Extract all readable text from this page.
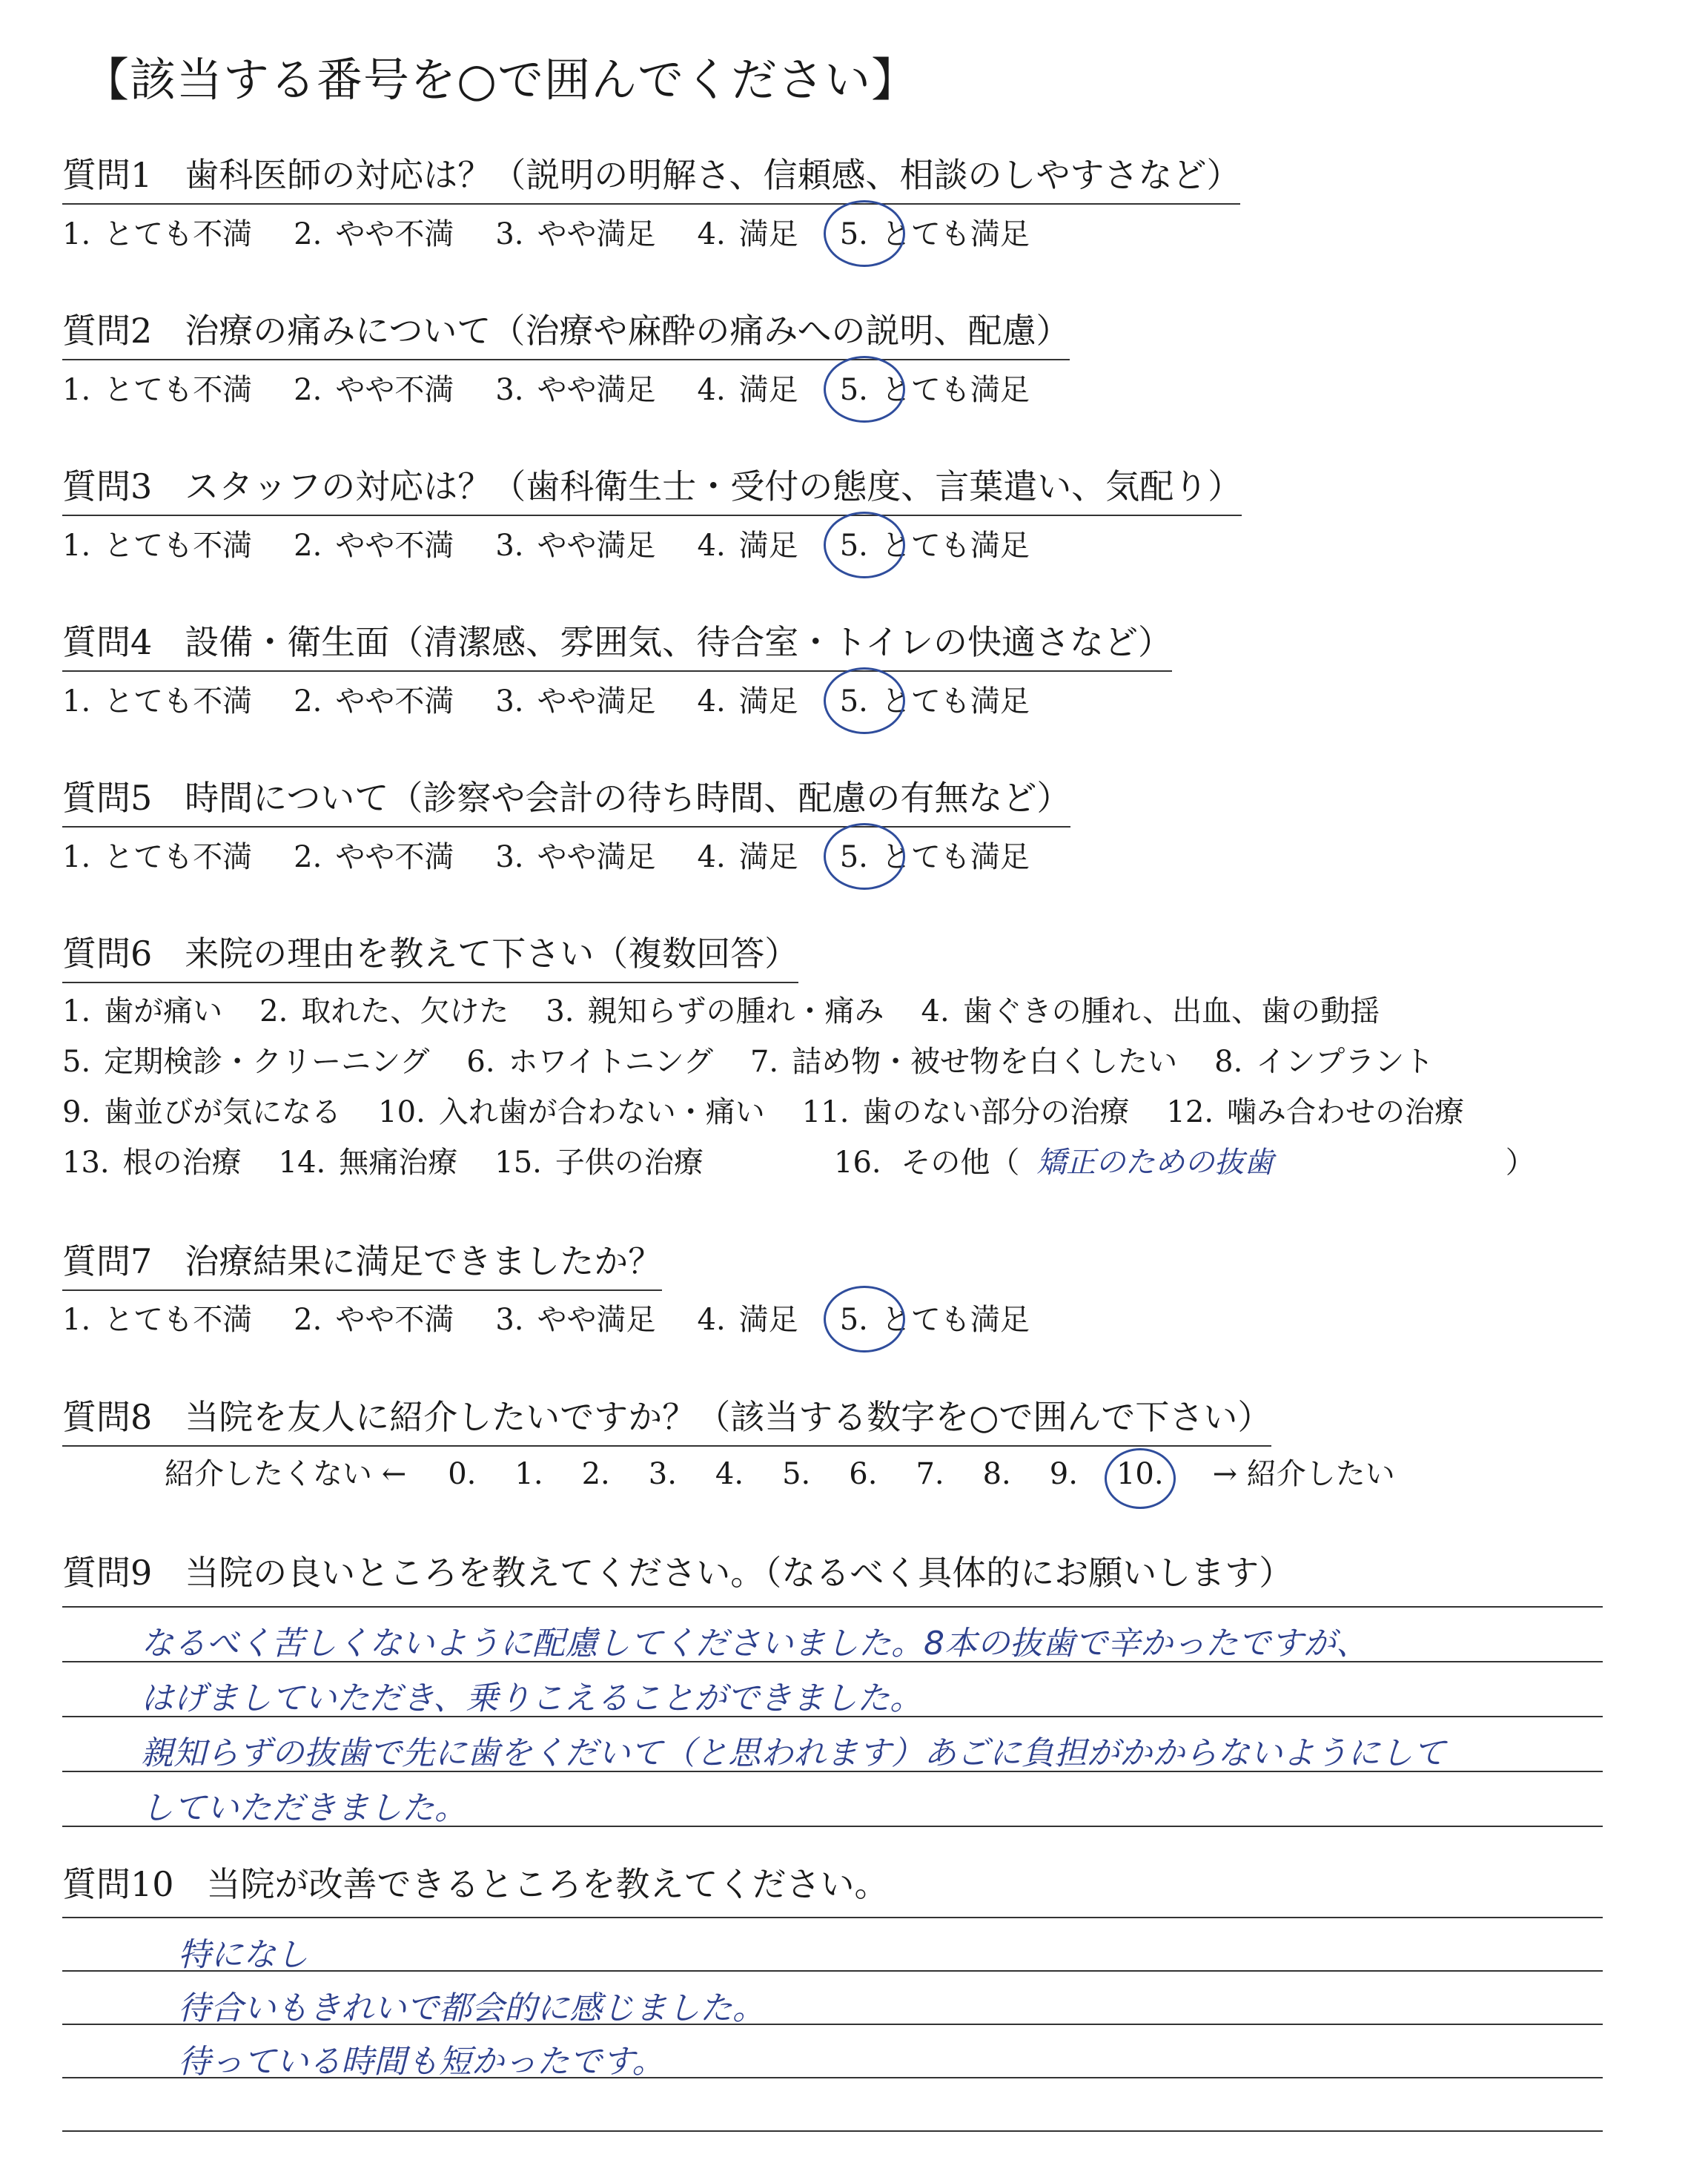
【該当する番号を○で囲んでください】
質問1 歯科医師の対応は？（説明の明解さ、信頼感、相談のしやすさなど）
1. とても不満 2. やや不満 3. やや満足 4. 満足 5. とても満足
質問2 治療の痛みについて（治療や麻酔の痛みへの説明、配慮）
1. とても不満 2. やや不満 3. やや満足 4. 満足 5. とても満足
質問3 スタッフの対応は？（歯科衛生士・受付の態度、言葉遣い、気配り）
1. とても不満 2. やや不満 3. やや満足 4. 満足 5. とても満足
質問4 設備・衛生面（清潔感、雰囲気、待合室・トイレの快適さなど）
1. とても不満 2. やや不満 3. やや満足 4. 満足 5. とても満足
質問5 時間について（診察や会計の待ち時間、配慮の有無など）
1. とても不満 2. やや不満 3. やや満足 4. 満足 5. とても満足
質問6 来院の理由を教えて下さい（複数回答）
1. 歯が痛い 2. 取れた、欠けた 3. 親知らずの腫れ・痛み 4. 歯ぐきの腫れ、出血、歯の動揺
5. 定期検診・クリーニング 6. ホワイトニング 7. 詰め物・被せ物を白くしたい 8. インプラント
9. 歯並びが気になる 10. 入れ歯が合わない・痛い 11. 歯のない部分の治療 12. 噛み合わせの治療
13. 根の治療 14. 無痛治療 15. 子供の治療	16. その他（ 矯正のための抜歯	）
質問7 治療結果に満足できましたか？
1. とても不満 2. やや不満 3. やや満足 4. 満足 5. とても満足
質問8 当院を友人に紹介したいですか？（該当する数字を○で囲んで下さい）
紹介したくない ← 0. 1. 2. 3. 4. 5. 6. 7. 8. 9. 10. → 紹介したい
質問9 当院の良いところを教えてください。（なるべく具体的にお願いします）
なるべく苦しくないように配慮してくださいました。8本の抜歯で辛かったですが、
はげましていただき、乗りこえることができました。
親知らずの抜歯で先に歯をくだいて（と思われます）あごに負担がかからないようにして
していただきました。
質問10 当院が改善できるところを教えてください。
特になし
待合いもきれいで都会的に感じました。
待っている時間も短かったです。
